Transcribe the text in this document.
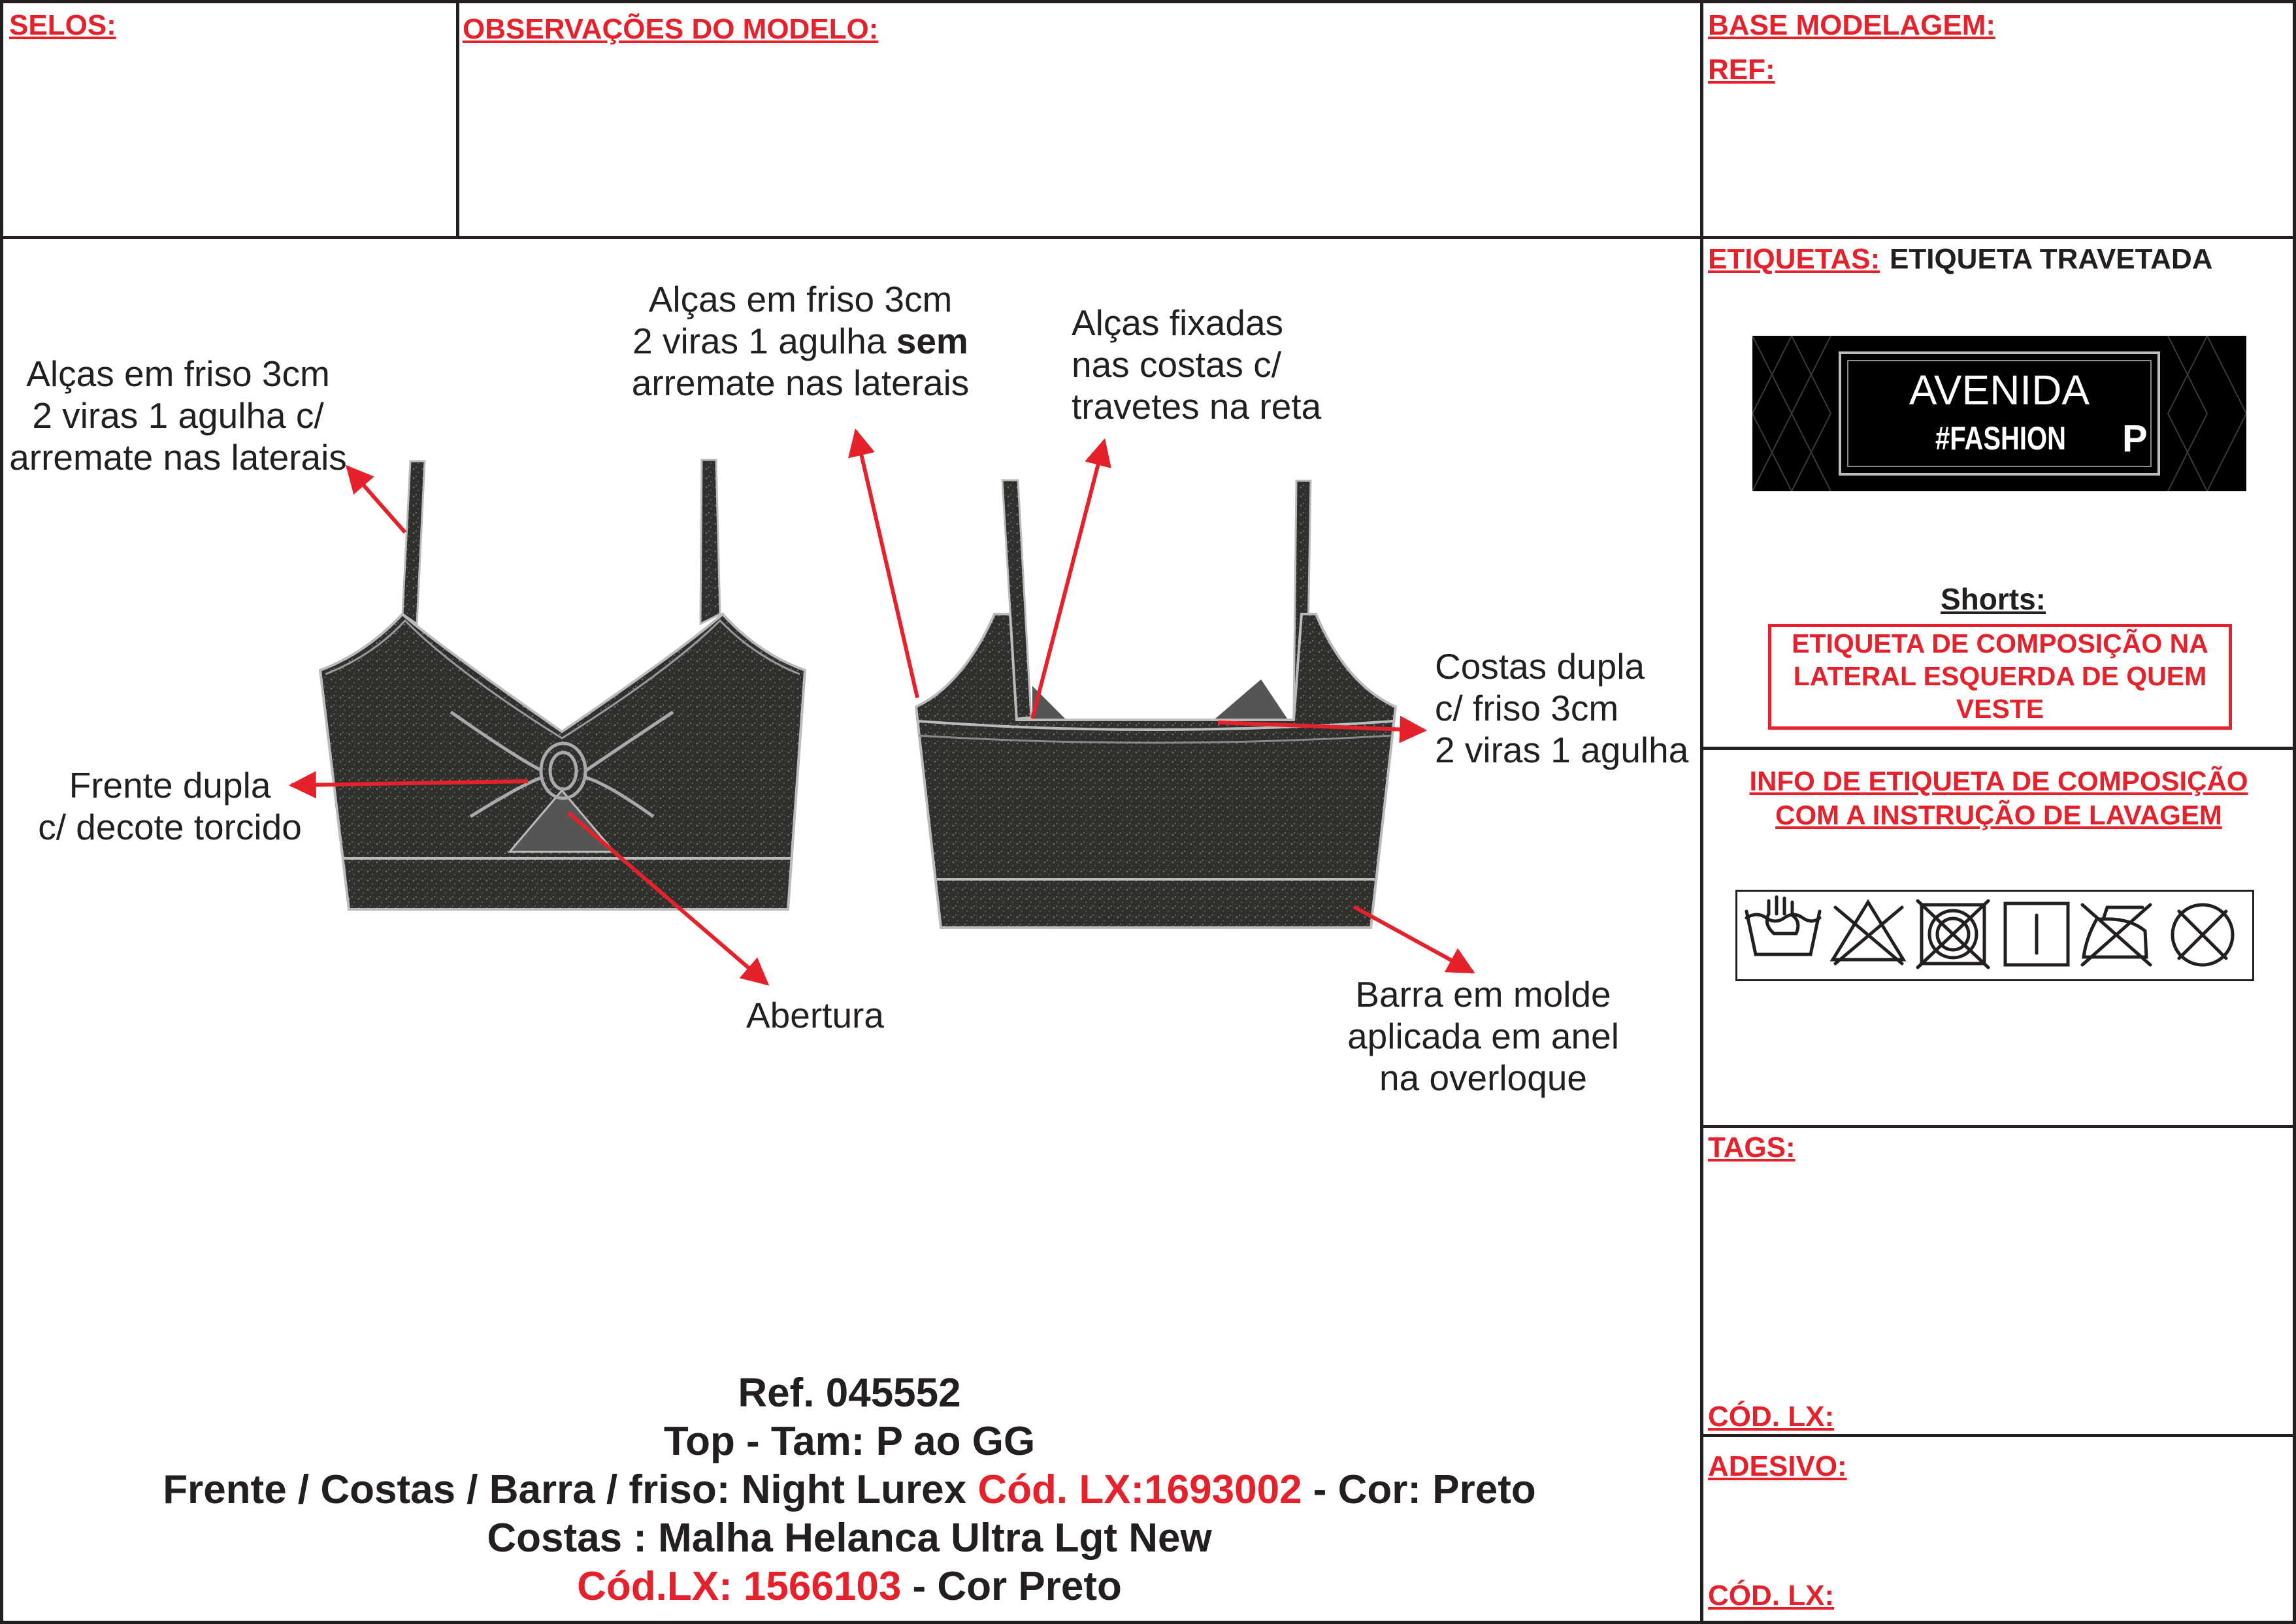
SELOS:	OBSERVAÇÕES DO MODELO:	BASE MODELAGEM:
REF:
ETIQUETAS: ETIQUETA TRAVETADA
AVENIDA
#FASHION P
Shorts:
ETIQUETA DE COMPOSIÇÃO NA
LATERAL ESQUERDA DE QUEM
VESTE
INFO DE ETIQUETA DE COMPOSIÇÃO
COM A INSTRUÇÃO DE LAVAGEM
TAGS:
CÓD. LX:
ADESIVO:
CÓD. LX:
Alças em friso 3cm
2 viras 1 agulha c/
arremate nas laterais
Alças em friso 3cm
2 viras 1 agulha sem
arremate nas laterais
Alças fixadas
nas costas c/
travetes na reta
Costas dupla
c/ friso 3cm
2 viras 1 agulha
Frente dupla
c/ decote torcido
Abertura
Barra em molde
aplicada em anel
na overloque
Ref. 045552
Top - Tam: P ao GG
Frente / Costas / Barra / friso: Night Lurex Cód. LX:1693002 - Cor: Preto
Costas : Malha Helanca Ultra Lgt New
Cód.LX: 1566103 - Cor Preto
